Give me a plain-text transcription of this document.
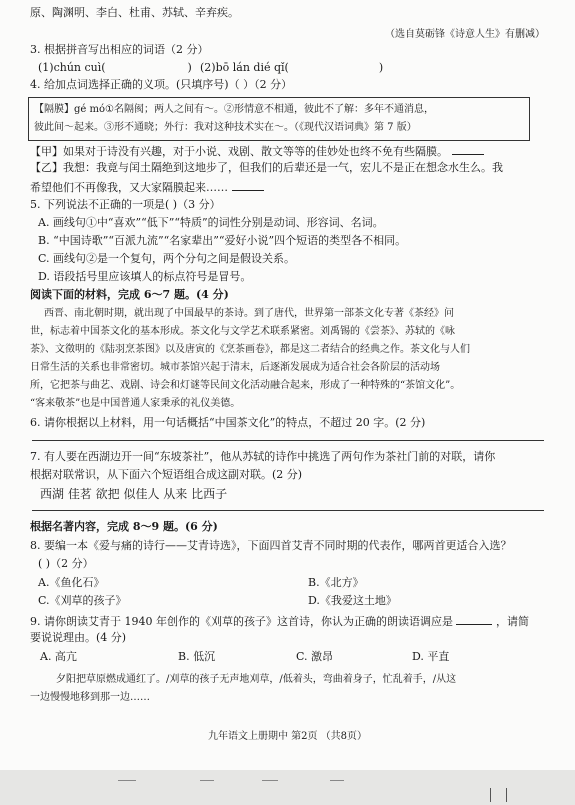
原、陶渊明、李白、杜甫、苏轼、辛弃疾。
（选自莫砺锋《诗意人生》有删减）
3. 根据拼音写出相应的词语（2 分）
(1)chún cuì(	) (2)bō lán dié qǐ(	)
4. 给加点词选择正确的义项。(只填序号)（ ）（2 分）
【隔膜】gé mó①名隔阂；两人之间有～。②形情意不相通，彼此不了解：多年不通消息，
彼此间～起来。③形不通晓；外行：我对这种技术实在～。（《现代汉语词典》第 7 版）
【甲】如果对于诗没有兴趣，对于小说、戏剧、散文等等的佳妙处也终不免有些隔膜。
【乙】我想：我竟与闰土隔绝到这地步了，但我们的后辈还是一气，宏儿不是正在想念水生么。我
希望他们不再像我，又大家隔膜起来……
5. 下列说法不正确的一项是( )（3 分）
A. 画线句①中“喜欢”“低下”“特质”的词性分别是动词、形容词、名词。
B. “中国诗歌”“百派九流”“名家辈出”“爱好小说”四个短语的类型各不相同。
C. 画线句②是一个复句，两个分句之间是假设关系。
D. 语段括号里应该填人的标点符号是冒号。
阅读下面的材料，完成 6～7 题。(4 分)
西晋、南北朝时期，就出现了中国最早的茶诗。到了唐代，世界第一部茶文化专著《茶经》问
世，标志着中国茶文化的基本形成。茶文化与文学艺术联系紧密。刘禹锡的《尝茶》、苏轼的《咏
茶》、文徵明的《陆羽烹茶图》以及唐寅的《烹茶画卷》，都是这二者结合的经典之作。茶文化与人们
日常生活的关系也非常密切。城市茶馆兴起于清末，后逐渐发展成为适合社会各阶层的活动场
所，它把茶与曲艺、戏剧、诗会和灯谜等民间文化活动融合起来，形成了一种特殊的“茶馆文化”。
“客来敬茶”也是中国普通人家秉承的礼仪美德。
6. 请你根据以上材料，用一句话概括“中国茶文化”的特点，不超过 20 字。(2 分)
7. 有人要在西湖边开一间“东坡茶社”，他从苏轼的诗作中挑选了两句作为茶社门前的对联，请你
根据对联常识，从下面六个短语组合成这副对联。(2 分)
西湖 佳茗 欲把 似佳人 从来 比西子
根据名著内容，完成 8～9 题。(6 分)
8. 要编一本《爱与痛的诗行——艾青诗选》，下面四首艾青不同时期的代表作，哪两首更适合入选？
( )（2 分）
A.《鱼化石》	B.《北方》
C.《刈草的孩子》	D.《我爱这土地》
9. 请你朗读艾青于 1940 年创作的《刈草的孩子》这首诗，你认为正确的朗读语调应是	，请简
要说说理由。(4 分)
A. 高亢	B. 低沉	C. 激昂	D. 平直
夕阳把草原燃成通红了。/刈草的孩子无声地刈草，/低着头，弯曲着身子，忙乱着手，/从这
一边慢慢地移到那一边……
九年语文上册期中 第2页 （共8页）
